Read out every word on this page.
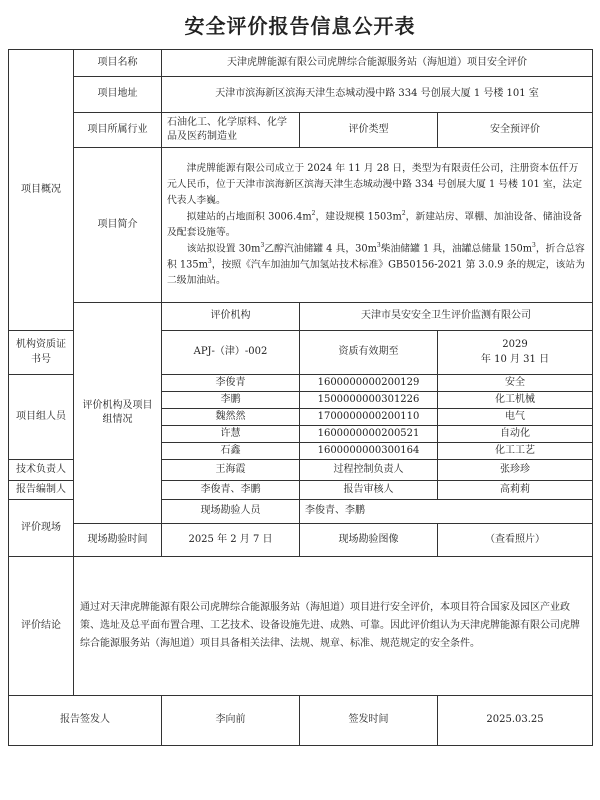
安全评价报告信息公开表
项目概况	项目名称	天津虎牌能源有限公司虎牌综合能源服务站（海旭道）项目安全评价		
	项目地址	天津市滨海新区滨海天津生态城动漫中路 334 号创展大厦 1 号楼 101 室		
	项目所属行业	石油化工、化学原料、化学品及医药制造业	评价类型	安全预评价
	项目简介	津虎牌能源有限公司成立于 2024 年 11 月 28 日，类型为有限责任公司，注册资本伍仟万元人民币，位于天津市滨海新区滨海天津生态城动漫中路 334 号创展大厦 1 号楼 101 室，法定代表人李巍。

拟建站的占地面积 $3006.4m^2$，建设规模 $1503m^2$，新建站房、罩棚、加油设备、储油设备及配套设施等。

该站拟设置 $30m^3$乙醇汽油储罐 4 具，$30m^3$柴油储罐 1 具，油罐总储量 $150m^3$，折合总容积 $135m^3$，按照《汽车加油加气加氢站技术标准》GB50156-2021 第 3.0.9 条的规定，该站为二级加油站。		

	评价机构及项目组情况	评价机构	天津市昊安安全卫生评价监测有限公司	
机构资质证书号		APJ-（津）-002	资质有效期至	2029
年 10 月 31 日

项目组人员		李俊青	1600000000200129	安全
		李鹏	1500000000301226	化工机械
		魏然然	1700000000200110	电气
		许慧	1600000000200521	自动化
		石鑫	1600000000300164	化工工艺
技术负责人		王海霞	过程控制负责人	张珍珍
报告编制人		李俊青、李鹏	报告审核人	高莉莉
评价现场		现场勘验人员	李俊青、李鹏	
	现场勘验时间	2025 年 2 月 7 日	现场勘验图像	（查看照片）
评价结论	通过对天津虎牌能源有限公司虎牌综合能源服务站（海旭道）项目进行安全评价，本项目符合国家及园区产业政策、选址及总平面布置合理、工艺技术、设备设施先进、成熟、可靠。因此评价组认为天津虎牌能源有限公司虎牌综合能源服务站（海旭道）项目具备相关法律、法规、规章、标准、规范规定的安全条件。			
报告签发人		李向前	签发时间	2025.03.25
